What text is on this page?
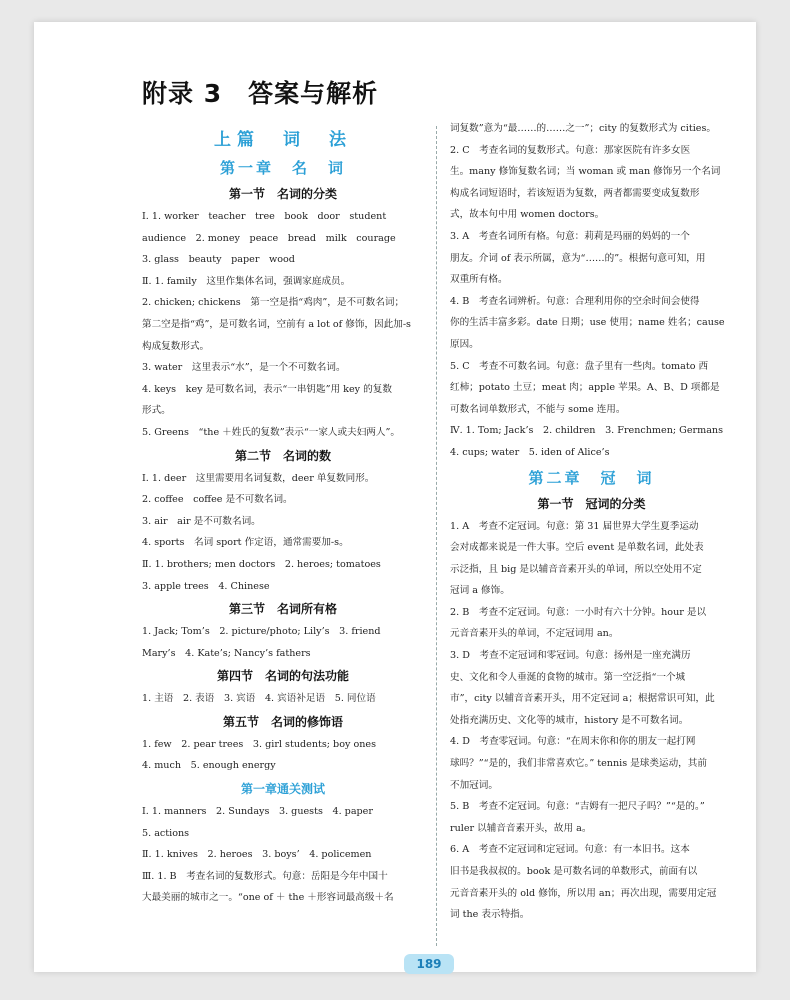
附录 3　答案与解析
上篇　词　法
第一章　名　词
第一节　名词的分类
Ⅰ. 1. worker　teacher　tree　book　door　student
audience　2. money　peace　bread　milk　courage
3. glass　beauty　paper　wood
Ⅱ. 1. family　这里作集体名词，强调家庭成员。
2. chicken; chickens　第一空是指“鸡肉”，是不可数名词；
第二空是指“鸡”，是可数名词，空前有 a lot of 修饰，因此加-s
构成复数形式。
3. water　这里表示“水”，是一个不可数名词。
4. keys　key 是可数名词，表示“一串钥匙”用 key 的复数
形式。
5. Greens　“the ＋姓氏的复数”表示“一家人或夫妇两人”。
第二节　名词的数
Ⅰ. 1. deer　这里需要用名词复数，deer 单复数同形。
2. coffee　coffee 是不可数名词。
3. air　air 是不可数名词。
4. sports　名词 sport 作定语，通常需要加-s。
Ⅱ. 1. brothers; men doctors　2. heroes; tomatoes
3. apple trees　4. Chinese
第三节　名词所有格
1. Jack; Tom’s　2. picture/photo; Lily’s　3. friend
Mary’s　4. Kate’s; Nancy’s fathers
第四节　名词的句法功能
1. 主语　2. 表语　3. 宾语　4. 宾语补足语　5. 同位语
第五节　名词的修饰语
1. few　2. pear trees　3. girl students; boy ones
4. much　5. enough energy
第一章通关测试
Ⅰ. 1. manners　2. Sundays　3. guests　4. paper
5. actions
Ⅱ. 1. knives　2. heroes　3. boys’　4. policemen
Ⅲ. 1. B　考查名词的复数形式。句意：岳阳是今年中国十
大最美丽的城市之一。“one of ＋ the ＋形容词最高级＋名
词复数”意为“最……的……之一”；city 的复数形式为 cities。
2. C　考查名词的复数形式。句意：那家医院有许多女医
生。many 修饰复数名词；当 woman 或 man 修饰另一个名词
构成名词短语时，若该短语为复数，两者都需要变成复数形
式，故本句中用 women doctors。
3. A　考查名词所有格。句意：莉莉是玛丽的妈妈的一个
朋友。介词 of 表示所属，意为“……的”。根据句意可知，用
双重所有格。
4. B　考查名词辨析。句意：合理利用你的空余时间会使得
你的生活丰富多彩。date 日期；use 使用；name 姓名；cause
原因。
5. C　考查不可数名词。句意：盘子里有一些肉。tomato 西
红柿；potato 土豆；meat 肉；apple 苹果。A、B、D 项都是
可数名词单数形式，不能与 some 连用。
Ⅳ. 1. Tom; Jack’s　2. children　3. Frenchmen; Germans
4. cups; water　5. iden of Alice’s
第二章　冠　词
第一节　冠词的分类
1. A　考查不定冠词。句意：第 31 届世界大学生夏季运动
会对成都来说是一件大事。空后 event 是单数名词，此处表
示泛指，且 big 是以辅音音素开头的单词，所以空处用不定
冠词 a 修饰。
2. B　考查不定冠词。句意：一小时有六十分钟。hour 是以
元音音素开头的单词，不定冠词用 an。
3. D　考查不定冠词和零冠词。句意：扬州是一座充满历
史、文化和令人垂涎的食物的城市。第一空泛指“一个城
市”，city 以辅音音素开头，用不定冠词 a；根据常识可知，此
处指充满历史、文化等的城市，history 是不可数名词。
4. D　考查零冠词。句意：“在周末你和你的朋友一起打网
球吗？”“是的，我们非常喜欢它。” tennis 是球类运动，其前
不加冠词。
5. B　考查不定冠词。句意：“吉姆有一把尺子吗？”“是的。”
ruler 以辅音音素开头，故用 a。
6. A　考查不定冠词和定冠词。句意：有一本旧书。这本
旧书是我叔叔的。book 是可数名词的单数形式，前面有以
元音音素开头的 old 修饰，所以用 an；再次出现，需要用定冠
词 the 表示特指。
189
